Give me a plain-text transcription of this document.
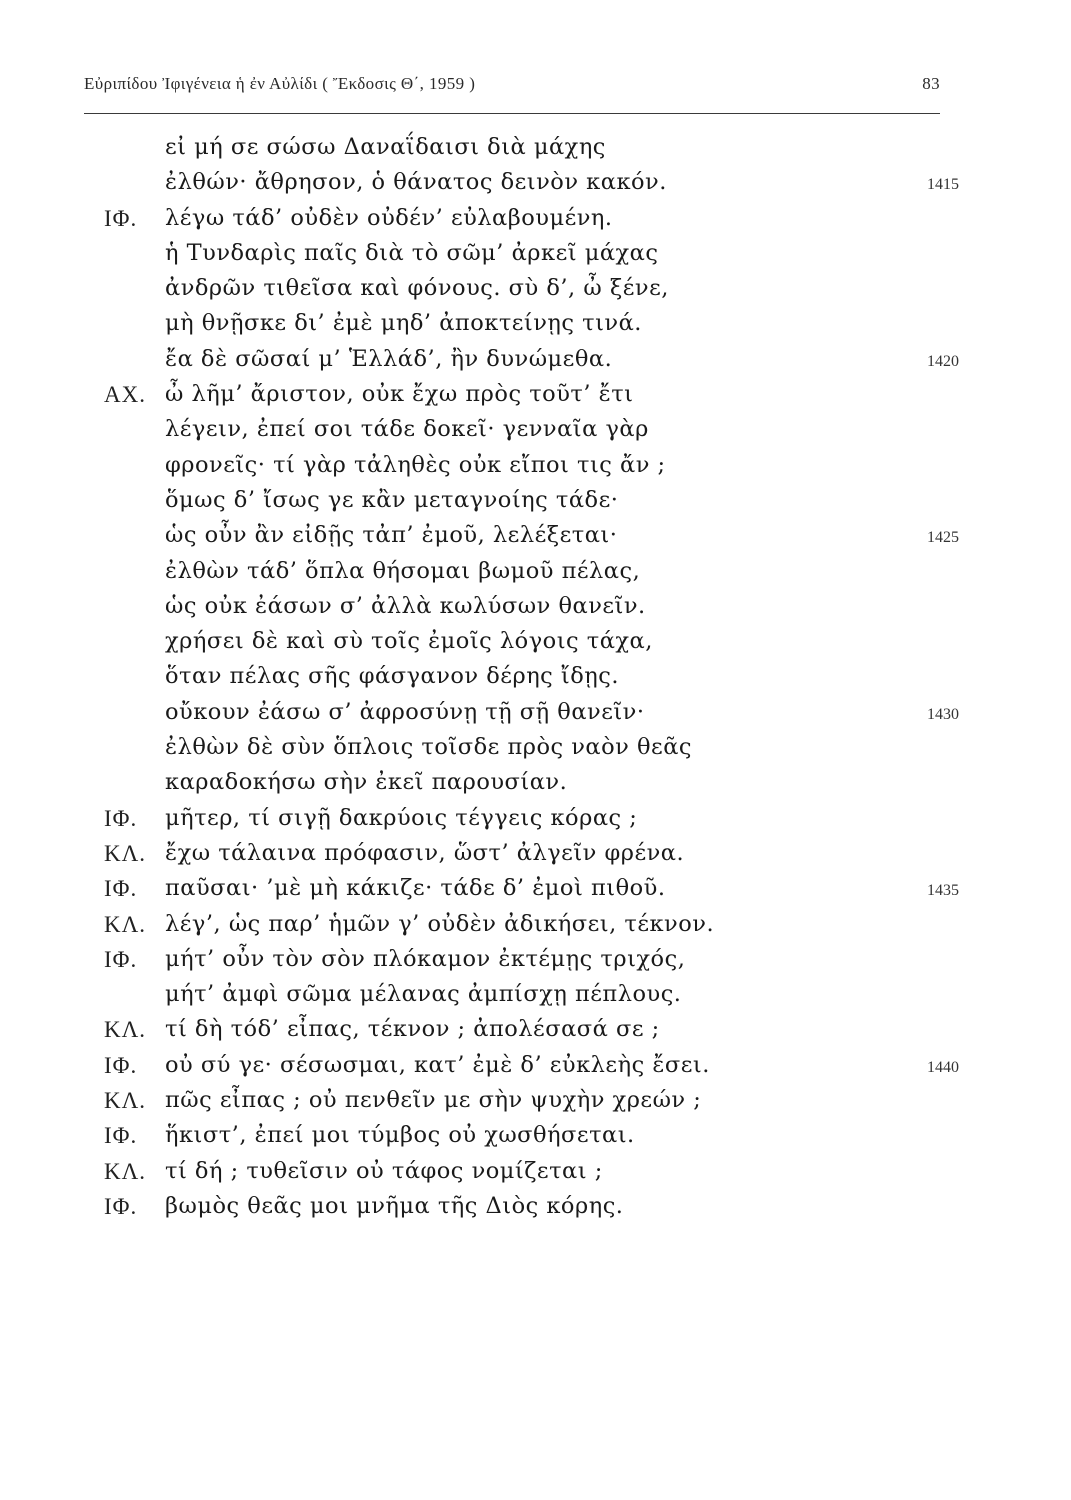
Εὐριπίδου Ἰφιγένεια ἡ ἐν Αὐλίδι ( Ἔκδοσις Θ΄, 1959 )	83
εἰ μή σε σώσω Δαναΐδαισι διὰ μάχης
ἐλθών· ἄθρησον, ὁ θάνατος δεινὸν κακόν.	1415
ΙΦ. λέγω τάδ’ οὐδὲν οὐδέν’ εὐλαβουμένη.
ἡ Τυνδαρὶς παῖς διὰ τὸ σῶμ’ ἀρκεῖ μάχας
ἀνδρῶν τιθεῖσα καὶ φόνους. σὺ δ’, ὦ ξένε,
μὴ θνῇσκε δι’ ἐμὲ μηδ’ ἀποκτείνῃς τινά.
ἔα δὲ σῶσαί μ’ Ἑλλάδ’, ἢν δυνώμεθα.	1420
ΑΧ. ὦ λῆμ’ ἄριστον, οὐκ ἔχω πρὸς τοῦτ’ ἔτι
λέγειν, ἐπεί σοι τάδε δοκεῖ· γενναῖα γὰρ
φρονεῖς· τί γὰρ τἀληθὲς οὐκ εἴποι τις ἄν ;
ὅμως δ’ ἴσως γε κἂν μεταγνοίης τάδε·
ὡς οὖν ἂν εἰδῇς τἀπ’ ἐμοῦ, λελέξεται·	1425
ἐλθὼν τάδ’ ὅπλα θήσομαι βωμοῦ πέλας,
ὡς οὐκ ἐάσων σ’ ἀλλὰ κωλύσων θανεῖν.
χρήσει δὲ καὶ σὺ τοῖς ἐμοῖς λόγοις τάχα,
ὅταν πέλας σῆς φάσγανον δέρης ἴδῃς.
οὔκουν ἐάσω σ’ ἀφροσύνῃ τῇ σῇ θανεῖν·	1430
ἐλθὼν δὲ σὺν ὅπλοις τοῖσδε πρὸς ναὸν θεᾶς
καραδοκήσω σὴν ἐκεῖ παρουσίαν.
ΙΦ. μῆτερ, τί σιγῇ δακρύοις τέγγεις κόρας ;
ΚΛ. ἔχω τάλαινα πρόφασιν, ὥστ’ ἀλγεῖν φρένα.
ΙΦ. παῦσαι· ’μὲ μὴ κάκιζε· τάδε δ’ ἐμοὶ πιθοῦ.	1435
ΚΛ. λέγ’, ὡς παρ’ ἡμῶν γ’ οὐδὲν ἀδικήσει, τέκνον.
ΙΦ. μήτ’ οὖν τὸν σὸν πλόκαμον ἐκτέμῃς τριχός,
μήτ’ ἀμφὶ σῶμα μέλανας ἀμπίσχῃ πέπλους.
ΚΛ. τί δὴ τόδ’ εἶπας, τέκνον ; ἀπολέσασά σε ;
ΙΦ. οὐ σύ γε· σέσωσμαι, κατ’ ἐμὲ δ’ εὐκλεὴς ἔσει.	1440
ΚΛ. πῶς εἶπας ; οὐ πενθεῖν με σὴν ψυχὴν χρεών ;
ΙΦ. ἥκιστ’, ἐπεί μοι τύμβος οὐ χωσθήσεται.
ΚΛ. τί δή ; τυθεῖσιν οὐ τάφος νομίζεται ;
ΙΦ. βωμὸς θεᾶς μοι μνῆμα τῆς Διὸς κόρης.
